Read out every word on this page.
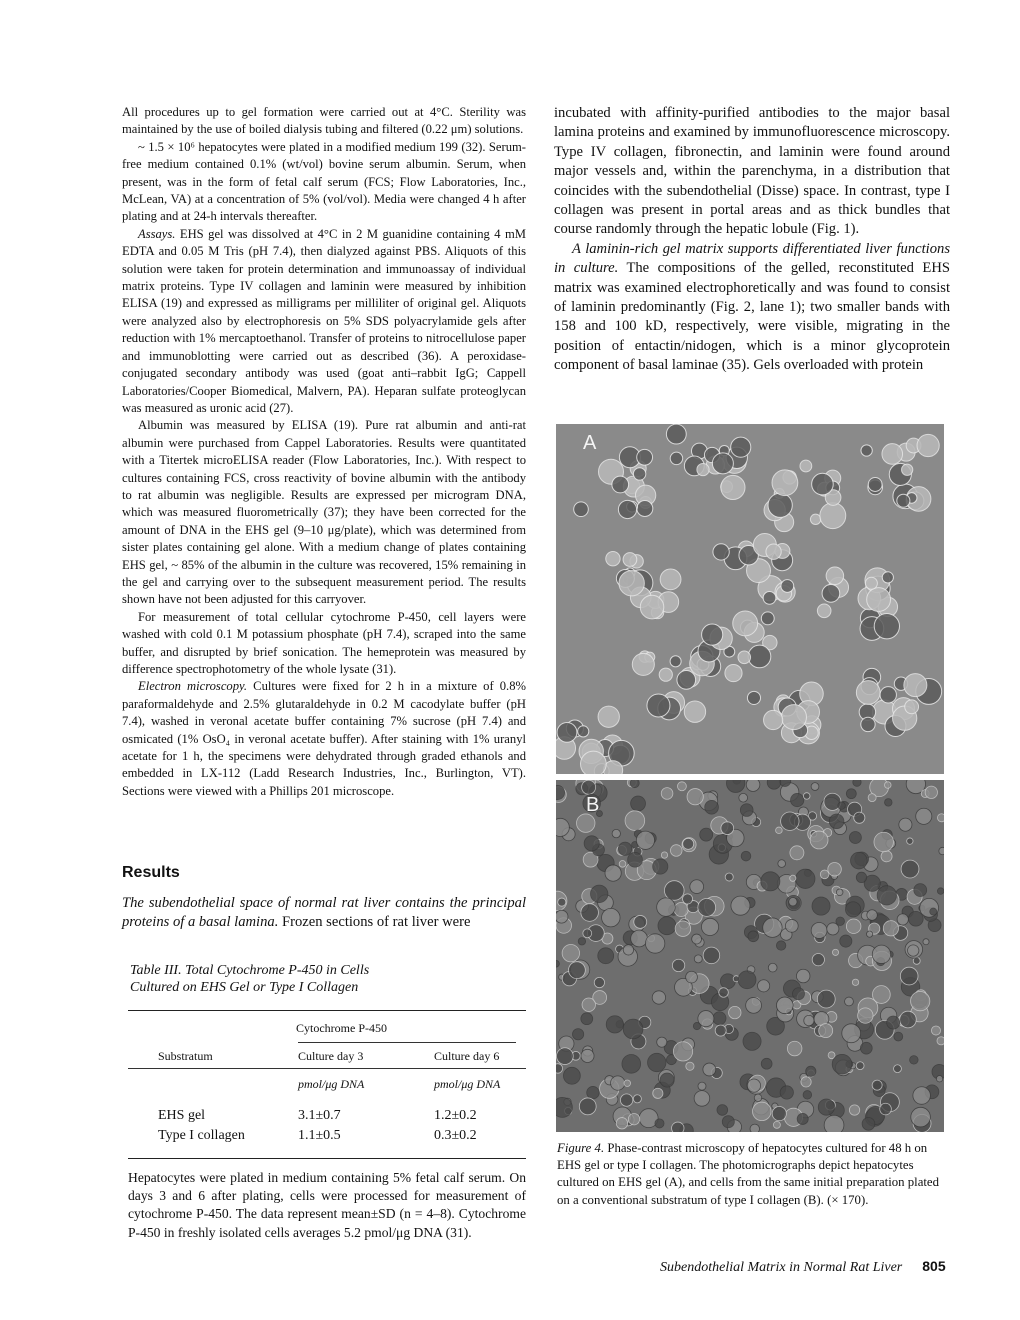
All procedures up to gel formation were carried out at 4°C. Sterility was maintained by the use of boiled dialysis tubing and filtered (0.22 μm) solutions.

~ 1.5 × 10⁶ hepatocytes were plated in a modified medium 199 (32). Serum-free medium contained 0.1% (wt/vol) bovine serum albumin. Serum, when present, was in the form of fetal calf serum (FCS; Flow Laboratories, Inc., McLean, VA) at a concentration of 5% (vol/vol). Media were changed 4 h after plating and at 24-h intervals thereafter.

Assays. EHS gel was dissolved at 4°C in 2 M guanidine containing 4 mM EDTA and 0.05 M Tris (pH 7.4), then dialyzed against PBS. Aliquots of this solution were taken for protein determination and immunoassay of individual matrix proteins. Type IV collagen and laminin were measured by inhibition ELISA (19) and expressed as milligrams per milliliter of original gel. Aliquots were analyzed also by electrophoresis on 5% SDS polyacrylamide gels after reduction with 1% mercaptoethanol. Transfer of proteins to nitrocellulose paper and immunoblotting were carried out as described (36). A peroxidase-conjugated secondary antibody was used (goat anti–rabbit IgG; Cappell Laboratories/Cooper Biomedical, Malvern, PA). Heparan sulfate proteoglycan was measured as uronic acid (27).

Albumin was measured by ELISA (19). Pure rat albumin and anti-rat albumin were purchased from Cappel Laboratories. Results were quantitated with a Titertek microELISA reader (Flow Laboratories, Inc.). With respect to cultures containing FCS, cross reactivity of bovine albumin with the antibody to rat albumin was negligible. Results are expressed per microgram DNA, which was measured fluorometrically (37); they have been corrected for the amount of DNA in the EHS gel (9–10 μg/plate), which was determined from sister plates containing gel alone. With a medium change of plates containing EHS gel, ~ 85% of the albumin in the culture was recovered, 15% remaining in the gel and carrying over to the subsequent measurement period. The results shown have not been adjusted for this carryover.

For measurement of total cellular cytochrome P-450, cell layers were washed with cold 0.1 M potassium phosphate (pH 7.4), scraped into the same buffer, and disrupted by brief sonication. The hemeprotein was measured by difference spectrophotometry of the whole lysate (31).

Electron microscopy. Cultures were fixed for 2 h in a mixture of 0.8% paraformaldehyde and 2.5% glutaraldehyde in 0.2 M cacodylate buffer (pH 7.4), washed in veronal acetate buffer containing 7% sucrose (pH 7.4) and osmicated (1% OsO₄ in veronal acetate buffer). After staining with 1% uranyl acetate for 1 h, the specimens were dehydrated through graded ethanols and embedded in LX-112 (Ladd Research Industries, Inc., Burlington, VT). Sections were viewed with a Phillips 201 microscope.

Results

The subendothelial space of normal rat liver contains the principal proteins of a basal lamina. Frozen sections of rat liver were

Table III. Total Cytochrome P-450 in Cells
Cultured on EHS Gel or Type I Collagen

	Cytochrome P-450	

Substratum	Culture day 3	Culture day 6

	pmol/μg DNA	pmol/μg DNA
EHS gel	3.1±0.7	1.2±0.2
Type I collagen	1.1±0.5	0.3±0.2

Hepatocytes were plated in medium containing 5% fetal calf serum. On days 3 and 6 after plating, cells were processed for measurement of cytochrome P-450. The data represent mean±SD (n = 4–8). Cytochrome P-450 in freshly isolated cells averages 5.2 pmol/μg DNA (31).

incubated with affinity-purified antibodies to the major basal lamina proteins and examined by immunofluorescence microscopy. Type IV collagen, fibronectin, and laminin were found around major vessels and, within the parenchyma, in a distribution that coincides with the subendothelial (Disse) space. In contrast, type I collagen was present in portal areas and as thick bundles that course randomly through the hepatic lobule (Fig. 1).

A laminin-rich gel matrix supports differentiated liver functions in culture. The compositions of the gelled, reconstituted EHS matrix was examined electrophoretically and was found to consist of laminin predominantly (Fig. 2, lane 1); two smaller bands with 158 and 100 kD, respectively, were visible, migrating in the position of entactin/nidogen, which is a minor glycoprotein component of basal laminae (35). Gels overloaded with protein

A
B
Figure 4. Phase-contrast microscopy of hepatocytes cultured for 48 h on EHS gel or type I collagen. The photomicrographs depict hepatocytes cultured on EHS gel (A), and cells from the same initial preparation plated on a conventional substratum of type I collagen (B). (× 170).
Subendothelial Matrix in Normal Rat Liver 805
